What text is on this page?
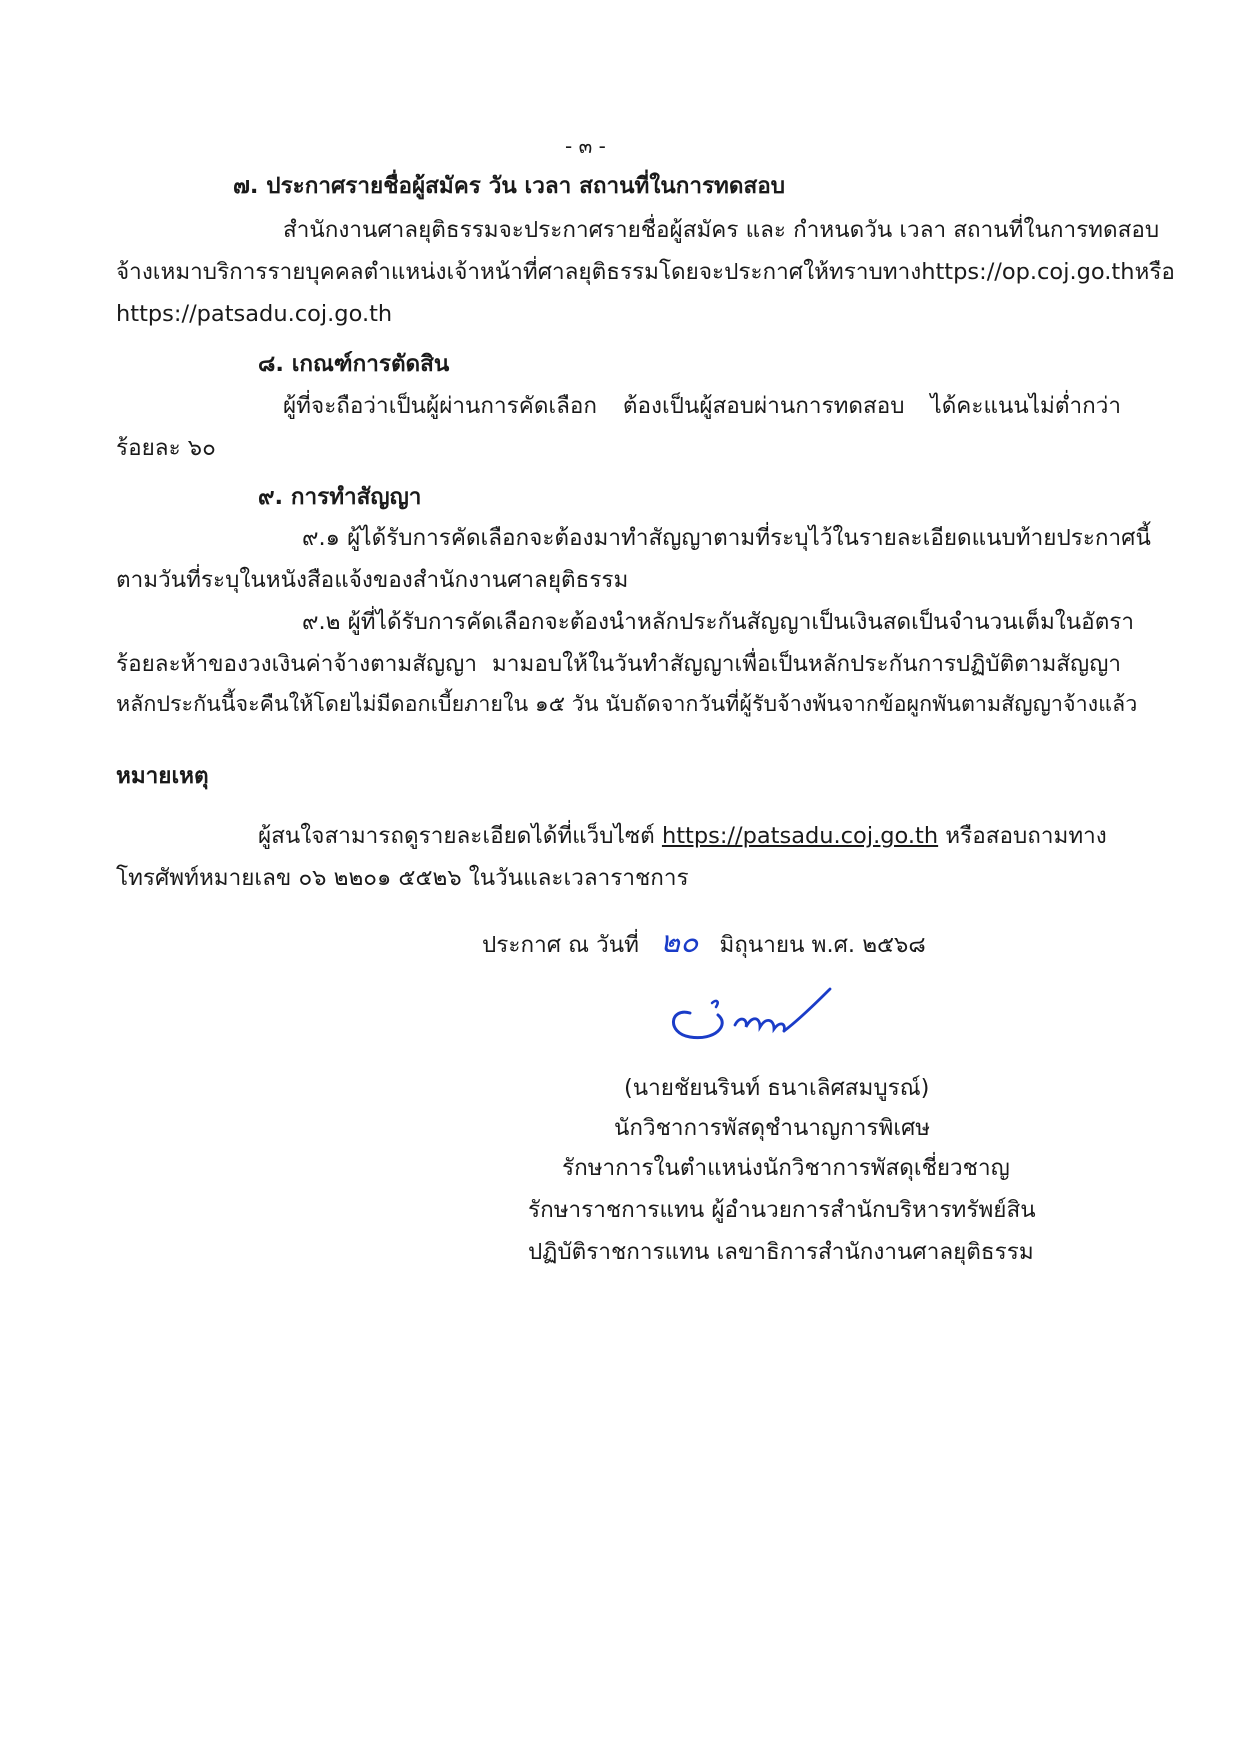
- ๓ -
๗. ประกาศรายชื่อผู้สมัคร วัน เวลา สถานที่ในการทดสอบ
สำนักงานศาลยุติธรรมจะประกาศรายชื่อผู้สมัคร และ กำหนดวัน เวลา สถานที่ในการทดสอบ
จ้างเหมาบริการรายบุคคล ตำแหน่งเจ้าหน้าที่ศาลยุติธรรม โดยจะประกาศให้ทราบทาง https://op.coj.go.th หรือ
https://patsadu.coj.go.th
๘. เกณฑ์การตัดสิน
ผู้ที่จะถือว่าเป็นผู้ผ่านการคัดเลือก ต้องเป็นผู้สอบผ่านการทดสอบ ได้คะแนนไม่ต่ำกว่า
ร้อยละ ๖๐
๙. การทำสัญญา
๙.๑ ผู้ได้รับการคัดเลือกจะต้องมาทำสัญญาตามที่ระบุไว้ในรายละเอียดแนบท้ายประกาศนี้
ตามวันที่ระบุในหนังสือแจ้งของสำนักงานศาลยุติธรรม
๙.๒ ผู้ที่ได้รับการคัดเลือกจะต้องนำหลักประกันสัญญาเป็นเงินสด เป็นจำนวนเต็มในอัตรา
ร้อยละห้าของวงเงินค่าจ้างตามสัญญา มามอบให้ในวันทำสัญญาเพื่อเป็นหลักประกันการปฏิบัติตามสัญญา
หลักประกันนี้จะคืนให้โดยไม่มีดอกเบี้ยภายใน ๑๕ วัน นับถัดจากวันที่ผู้รับจ้างพ้นจากข้อผูกพันตามสัญญาจ้างแล้ว
หมายเหตุ
ผู้สนใจสามารถดูรายละเอียดได้ที่แว็บไซต์ https://patsadu.coj.go.th หรือสอบถามทาง
โทรศัพท์หมายเลข ๐๖ ๒๒๐๑ ๕๕๒๖ ในวันและเวลาราชการ
ประกาศ ณ วันที่ ๒๐ มิถุนายน พ.ศ. ๒๕๖๘
(นายชัยนรินท์ ธนาเลิศสมบูรณ์)
นักวิชาการพัสดุชำนาญการพิเศษ
รักษาการในตำแหน่งนักวิชาการพัสดุเชี่ยวชาญ
รักษาราชการแทน ผู้อำนวยการสำนักบริหารทรัพย์สิน
ปฏิบัติราชการแทน เลขาธิการสำนักงานศาลยุติธรรม
